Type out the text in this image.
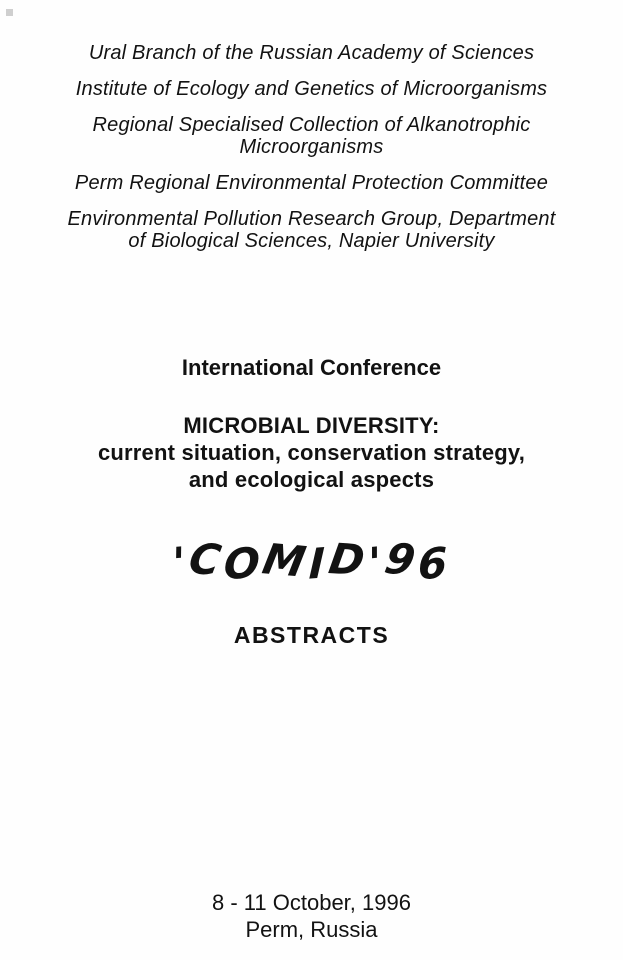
Ural Branch of the Russian Academy of Sciences
Institute of Ecology and Genetics of Microorganisms
Regional Specialised Collection of Alkanotrophic Microorganisms
Perm Regional Environmental Protection Committee
Environmental Pollution Research Group, Department of Biological Sciences, Napier University
International Conference
MICROBIAL DIVERSITY:
current situation, conservation strategy,
and ecological aspects
'COMID'96
ABSTRACTS
8 - 11 October, 1996
Perm, Russia
